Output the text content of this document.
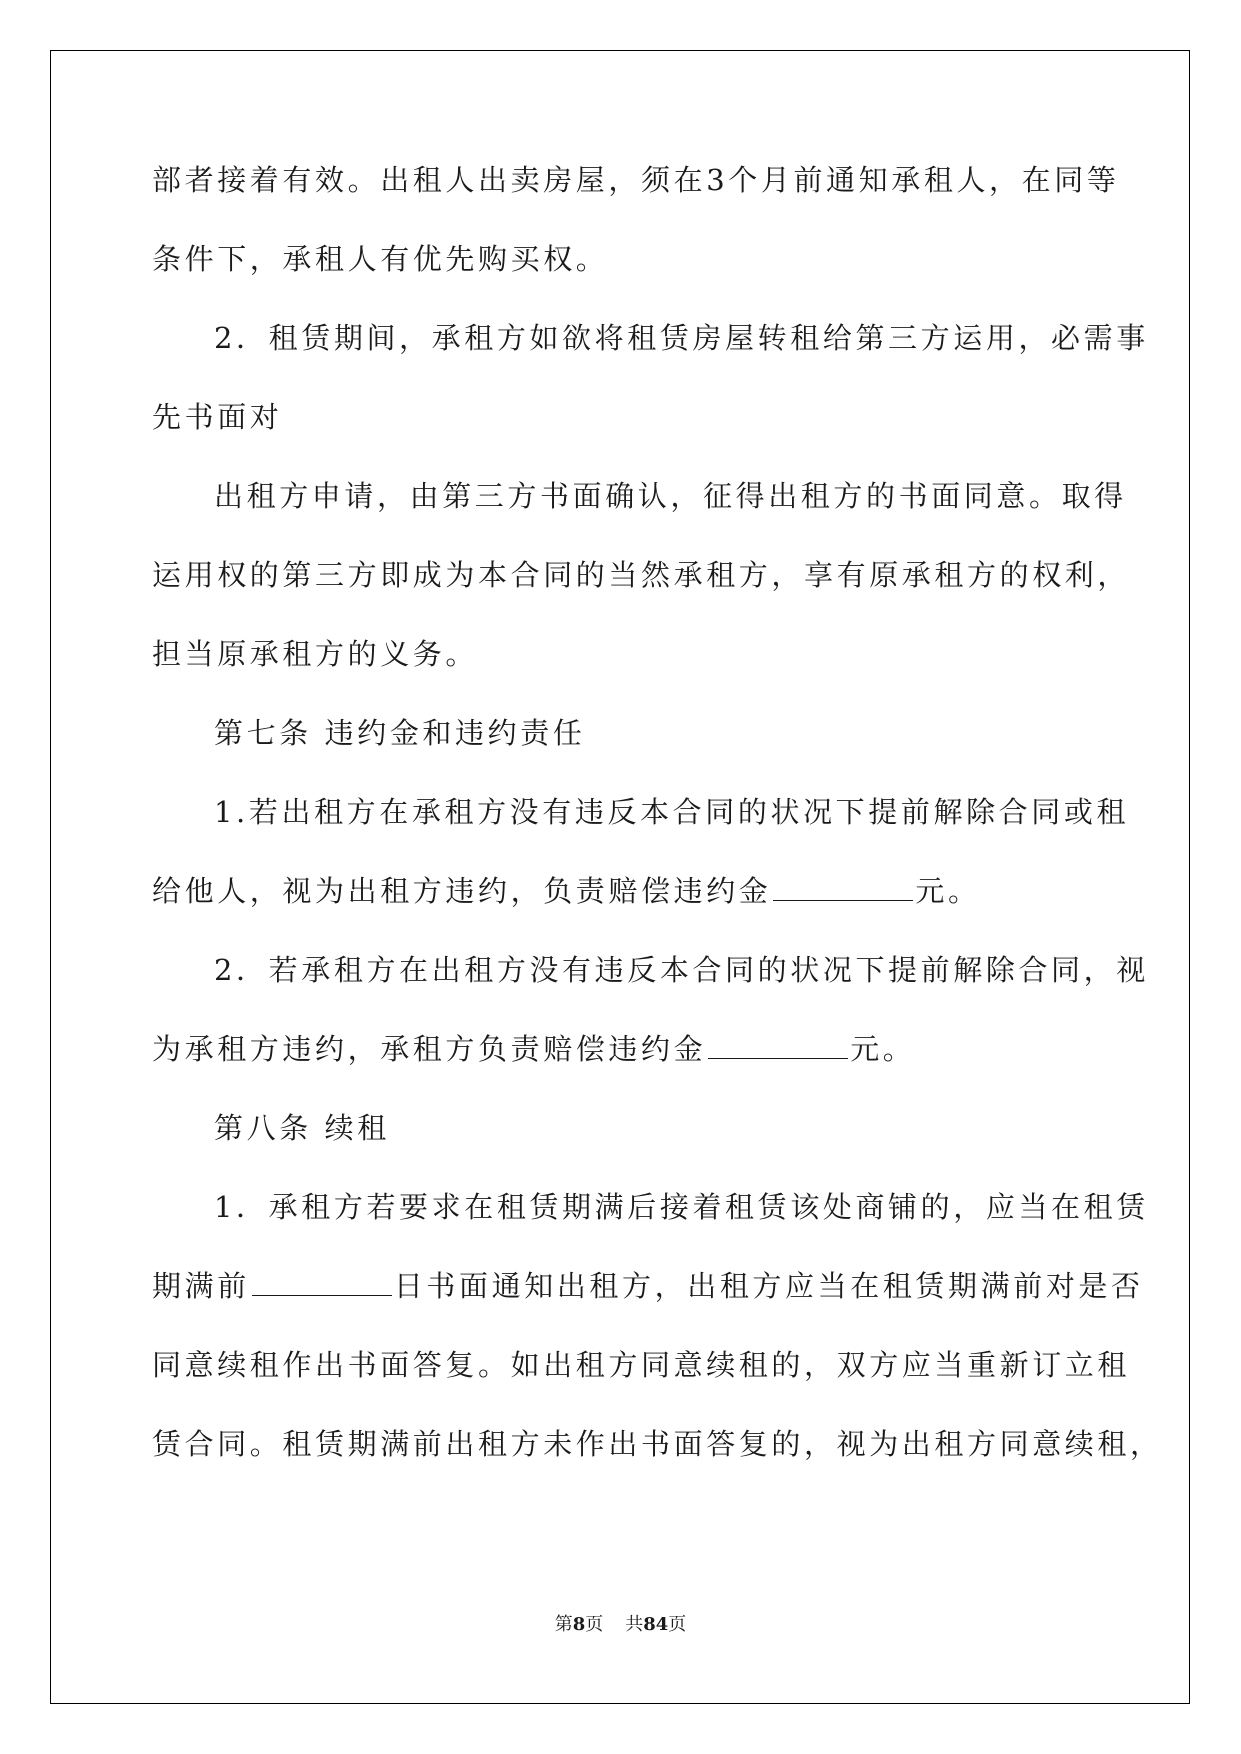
部者接着有效。出租人出卖房屋，须在3个月前通知承租人，在同等
条件下，承租人有优先购买权。
2．租赁期间，承租方如欲将租赁房屋转租给第三方运用，必需事
先书面对
出租方申请，由第三方书面确认，征得出租方的书面同意。取得
运用权的第三方即成为本合同的当然承租方，享有原承租方的权利，
担当原承租方的义务。
第七条 违约金和违约责任
1.若出租方在承租方没有违反本合同的状况下提前解除合同或租
给他人，视为出租方违约，负责赔偿违约金	元。
2．若承租方在出租方没有违反本合同的状况下提前解除合同，视
为承租方违约，承租方负责赔偿违约金	元。
第八条 续租
1．承租方若要求在租赁期满后接着租赁该处商铺的，应当在租赁
期满前	日书面通知出租方，出租方应当在租赁期满前对是否
同意续租作出书面答复。如出租方同意续租的，双方应当重新订立租
赁合同。租赁期满前出租方未作出书面答复的，视为出租方同意续租，
第8页 共84页
